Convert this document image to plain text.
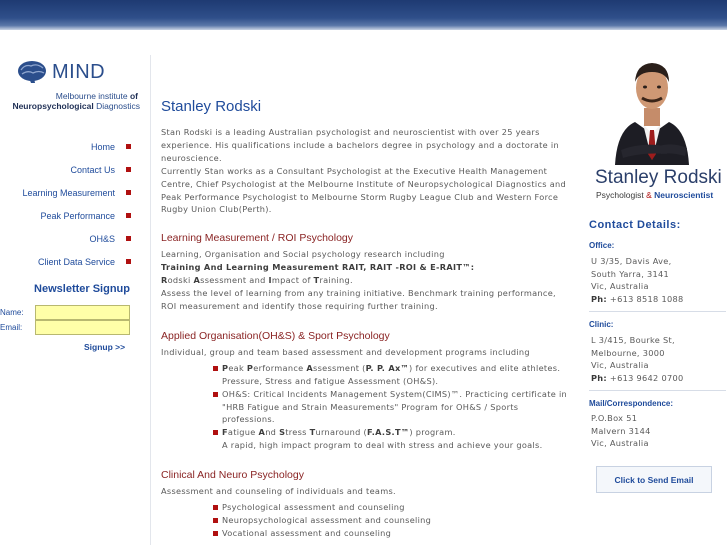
MIND
Melbourne institute of
Neuropsychological Diagnostics
Home
Contact Us
Learning Measurement
Peak Performance
OH&S
Client Data Service
Newsletter Signup
Name:
Email:
Signup >>
Stanley Rodski

Stan Rodski is a leading Australian psychologist and neuroscientist with over 25 years experience. His qualifications include a bachelors degree in psychology and a doctorate in neuroscience.

Currently Stan works as a Consultant Psychologist at the Executive Health Management Centre, Chief Psychologist at the Melbourne Institute of Neuropsychological Diagnostics and Peak Performance Psychologist to Melbourne Storm Rugby League Club and Western Force Rugby Union Club(Perth).

Learning Measurement / ROI Psychology

Learning, Organisation and Social psychology research including

Training And Learning Measurement RAIT, RAIT -ROI & E-RAIT™:

Rodski Assessment and Impact of Training.

Assess the level of learning from any training initiative. Benchmark training performance, ROI measurement and identify those requiring further training.

Applied Organisation(OH&S) & Sport Psychology

Individual, group and team based assessment and development programs including

Peak Performance Assessment (P. P. Ax™) for executives and elite athletes. Pressure, Stress and fatigue Assessment (OH&S).
OH&S: Critical Incidents Management System(CIMS)™. Practicing certificate in "HRB Fatigue and Strain Measurements" Program for OH&S / Sports professions.
Fatigue And Stress Turnaround (F.A.S.T™) program.
A rapid, high impact program to deal with stress and achieve your goals.
Clinical And Neuro Psychology

Assessment and counseling of individuals and teams.

Psychological assessment and counseling
Neuropsychological assessment and counseling
Vocational assessment and counseling
Stanley Rodski
Psychologist & Neuroscientist
Contact Details:
Office:
U 3/35, Davis Ave,
South Yarra, 3141
Vic, Australia
Ph: +613 8518 1088
Clinic:
L 3/415, Bourke St,
Melbourne, 3000
Vic, Australia
Ph: +613 9642 0700
Mail/Correspondence:
P.O.Box 51
Malvern 3144
Vic, Australia
Click to Send Email
